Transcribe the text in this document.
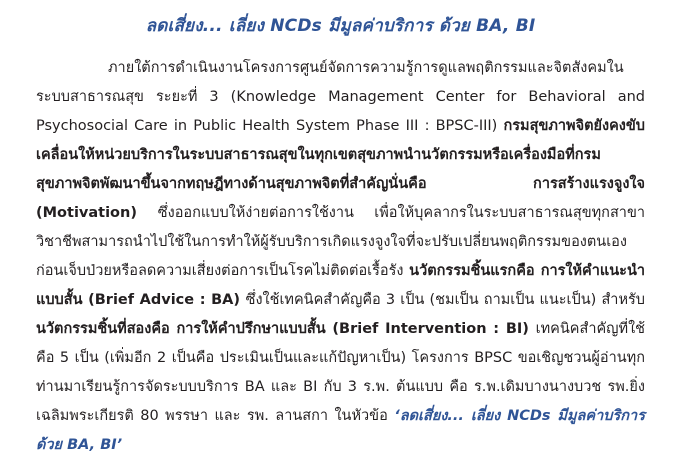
ลดเสี่ยง... เลี่ยง NCDs มีมูลค่าบริการ ด้วย BA, BI

ภายใต้การดำเนินงานโครงการศูนย์จัดการความรู้การดูแลพฤติกรรมและจิตสังคมในระบบสาธารณสุข ระยะที่ 3 (Knowledge Management Center for Behavioral and Psychosocial Care in Public Health System Phase III : BPSC-III) กรมสุขภาพจิตยังคงขับเคลื่อนให้หน่วยบริการในระบบสาธารณสุขในทุกเขตสุขภาพนำนวัตกรรมหรือเครื่องมือที่กรมสุขภาพจิตพัฒนาขึ้นจากทฤษฎีทางด้านสุขภาพจิตที่สำคัญนั่นคือ การสร้างแรงจูงใจ (Motivation) ซึ่งออกแบบให้ง่ายต่อการใช้งาน เพื่อให้บุคลากรในระบบสาธารณสุขทุกสาขาวิชาชีพสามารถนำไปใช้ในการทำให้ผู้รับบริการเกิดแรงจูงใจที่จะปรับเปลี่ยนพฤติกรรมของตนเองก่อนเจ็บป่วยหรือลดความเสี่ยงต่อการเป็นโรคไม่ติดต่อเรื้อรัง นวัตกรรมชิ้นแรกคือ การให้คำแนะนำแบบสั้น (Brief Advice : BA) ซึ่งใช้เทคนิคสำคัญคือ 3 เป็น (ชมเป็น ถามเป็น แนะเป็น) สำหรับนวัตกรรมชิ้นที่สองคือ การให้คำปรึกษาแบบสั้น (Brief Intervention : BI) เทคนิคสำคัญที่ใช้คือ 5 เป็น (เพิ่มอีก 2 เป็นคือ ประเมินเป็นและแก้ปัญหาเป็น) โครงการ BPSC ขอเชิญชวนผู้อ่านทุกท่านมาเรียนรู้การจัดระบบบริการ BA และ BI กับ 3 ร.พ. ต้นแบบ คือ ร.พ.เดิมบางนางบวช รพ.ยิ่งเฉลิมพระเกียรติ 80 พรรษา และ รพ. ลานสกา ในหัวข้อ ‘ลดเสี่ยง... เลี่ยง NCDs มีมูลค่าบริการ ด้วย BA, BI’
